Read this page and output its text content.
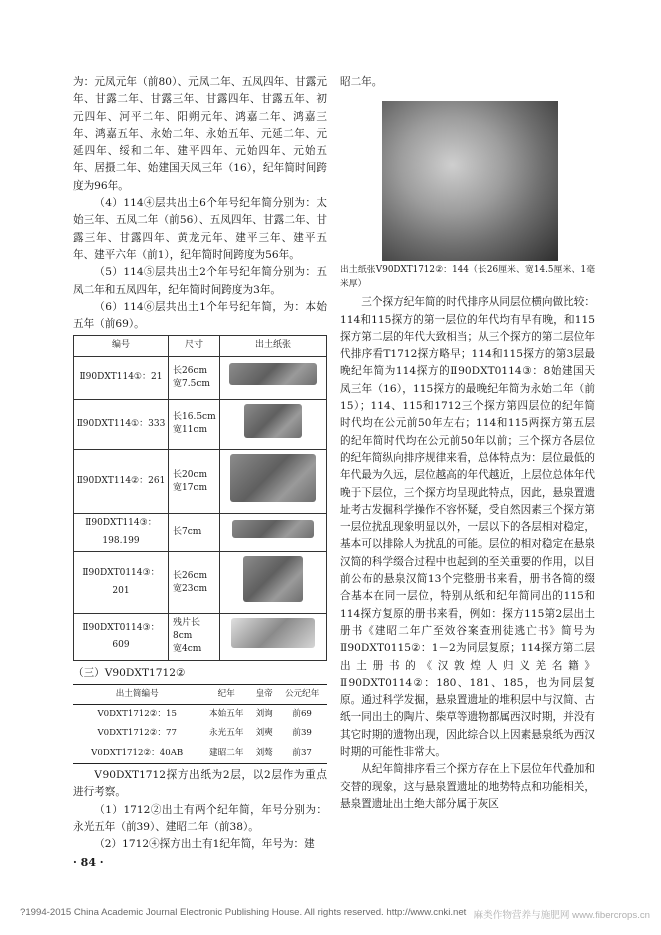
为：元凤元年（前80）、元凤二年、五凤四年、甘露元年、甘露二年、甘露三年、甘露四年、甘露五年、初元四年、河平二年、阳朔元年、鸿嘉二年、鸿嘉三年、鸿嘉五年、永始二年、永始五年、元延二年、元延四年、绥和二年、建平四年、元始四年、元始五年、居摄二年、始建国天凤三年（16），纪年简时间跨度为96年。

（4）114④层共出土6个年号纪年简分别为：太始三年、五凤二年（前56）、五凤四年、甘露二年、甘露三年、甘露四年、黄龙元年、建平三年、建平五年、建平六年（前1），纪年简时间跨度为56年。

（5）114⑤层共出土2个年号纪年简分别为：五凤二年和五凤四年，纪年简时间跨度为3年。

（6）114⑥层共出土1个年号纪年简，为：本始五年（前69）。

编号	尺寸	出土纸张
Ⅱ90DXT114①：21	长26cm
宽7.5cm	

Ⅱ90DXT114①：333	长16.5cm
宽11cm	

Ⅱ90DXT114②：261	长20cm
宽17cm	

Ⅱ90DXT114③：198.199	长7cm	

Ⅱ90DXT0114③：201	长26cm
宽23cm	

Ⅱ90DXT0114③：609	残片长8cm
宽4cm	

（三）Ⅴ90DXT1712②
出土简编号	纪年	皇帝	公元纪年
Ⅴ0DXT1712②：15	本始五年	刘询	前69
Ⅴ0DXT1712②：77	永光五年	刘奭	前39
Ⅴ0DXT1712②：40AB	建昭二年	刘骜	前37

Ⅴ90DXT1712探方出纸为2层，以2层作为重点进行考察。

（1）1712②出土有两个纪年简，年号分别为：永光五年（前39）、建昭二年（前38）。

（2）1712④探方出土有1纪年简，年号为：建

昭二年。

出土纸张Ⅴ90DXT1712②：144（长26厘米、宽14.5厘米、1毫米厚）

三个探方纪年简的时代排序从同层位横向做比较：114和115探方的第一层位的年代均有早有晚，和115探方第二层的年代大致相当；从三个探方的第二层位年代排序看T1712探方略早；114和115探方的第3层最晚纪年简为114探方的Ⅱ90DXT0114③：8始建国天凤三年（16），115探方的最晚纪年简为永始二年（前15）；114、115和1712三个探方第四层位的纪年简时代均在公元前50年左右；114和115两探方第五层的纪年简时代均在公元前50年以前；三个探方各层位的纪年简纵向排序规律来看，总体特点为：层位最低的年代最为久远，层位越高的年代越近，上层位总体年代晚于下层位，三个探方均呈现此特点，因此，悬泉置遗址考古发掘科学操作不容怀疑，受自然因素三个探方第一层位扰乱现象明显以外，一层以下的各层相对稳定，基本可以排除人为扰乱的可能。层位的相对稳定在悬泉汉简的科学缀合过程中也起到的至关重要的作用，以目前公布的悬泉汉简13个完整册书来看，册书各简的缀合基本在同一层位，特别从纸和纪年简同出的115和114探方复原的册书来看，例如：探方115第2层出土册书《建昭二年广至效谷案查刑徒逃亡书》简号为Ⅱ90DXT0115②：1－2为同层复原；114探方第二层出土册书的《汉敦煌人归义羌名籍》Ⅱ90DXT0114②：180、181、185，也为同层复原。通过科学发掘，悬泉置遗址的堆积层中与汉简、古纸一同出土的陶片、柴草等遗物都属西汉时期，并没有其它时期的遗物出现，因此综合以上因素悬泉纸为西汉时期的可能性非常大。

从纪年简排序看三个探方存在上下层位年代叠加和交替的现象，这与悬泉置遗址的地势特点和功能相关，悬泉置遗址出土绝大部分属于灰区

· 84 ·
?1994-2015 China Academic Journal Electronic Publishing House. All rights reserved. http://www.cnki.net 麻类作物营养与施肥网 www.fibercrops.cn
